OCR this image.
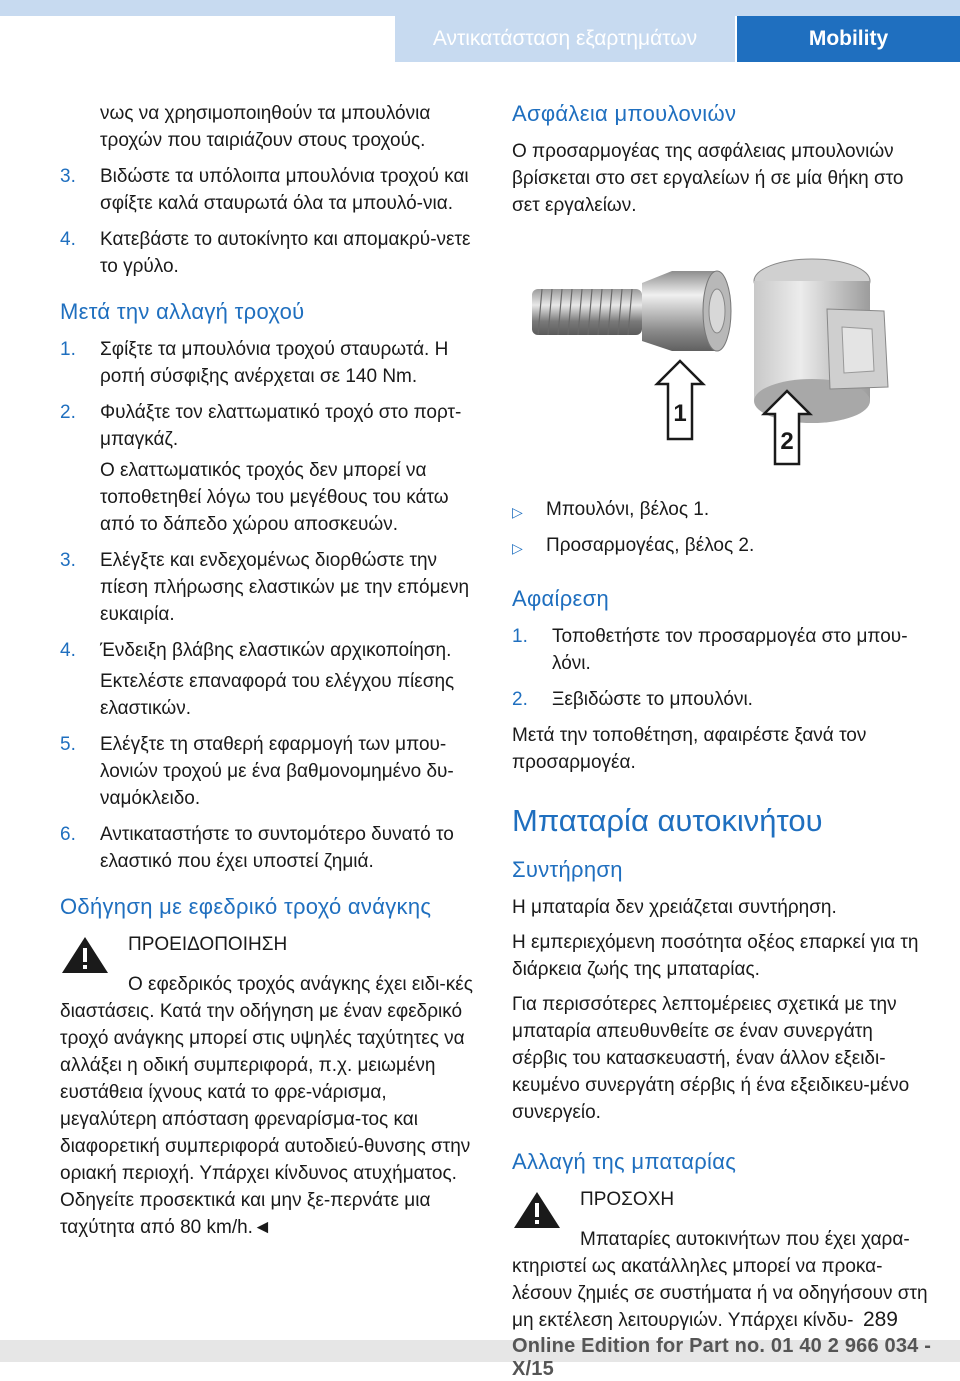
Αντικατάσταση εξαρτημάτων	Mobility

νως να χρησιμοποιηθούν τα μπουλόνια τροχών που ταιριάζουν στους τροχούς.

3. Βιδώστε τα υπόλοιπα μπουλόνια τροχού και σφίξτε καλά σταυρωτά όλα τα μπουλό-νια.
4. Κατεβάστε το αυτοκίνητο και απομακρύ-νετε το γρύλο.
Μετά την αλλαγή τροχού
1. Σφίξτε τα μπουλόνια τροχού σταυρωτά. Η ροπή σύσφιξης ανέρχεται σε 140 Nm.
2. Φυλάξτε τον ελαττωματικό τροχό στο πορτ-μπαγκάζ.

Ο ελαττωματικός τροχός δεν μπορεί να τοποθετηθεί λόγω του μεγέθους του κάτω από το δάπεδο χώρου αποσκευών.

3. Ελέγξτε και ενδεχομένως διορθώστε την πίεση πλήρωσης ελαστικών με την επόμενη ευκαιρία.
4. Ένδειξη βλάβης ελαστικών αρχικοποίηση.

Εκτελέστε επαναφορά του ελέγχου πίεσης ελαστικών.

5. Ελέγξτε τη σταθερή εφαρμογή των μπου-λονιών τροχού με ένα βαθμονομημένο δυ-ναμόκλειδο.
6. Αντικαταστήστε το συντομότερο δυνατό το ελαστικό που έχει υποστεί ζημιά.
Οδήγηση με εφεδρικό τροχό ανάγκης
ΠΡΟΕΙΔΟΠΟΙΗΣΗ

Ο εφεδρικός τροχός ανάγκης έχει ειδι-κές διαστάσεις. Κατά την οδήγηση με έναν εφεδρικό τροχό ανάγκης μπορεί στις υψηλές ταχύτητες να αλλάξει η οδική συμπεριφορά, π.χ. μειωμένη ευστάθεια ίχνους κατά το φρε-νάρισμα, μεγαλύτερη απόσταση φρεναρίσμα-τος και διαφορετική συμπεριφορά αυτοδιεύ-θυνσης στην οριακή περιοχή. Υπάρχει κίνδυνος ατυχήματος. Οδηγείτε προσεκτικά και μην ξε-περνάτε μια ταχύτητα από 80 km/h.◄

Ασφάλεια μπουλονιών

Ο προσαρμογέας της ασφάλειας μπουλονιών βρίσκεται στο σετ εργαλείων ή σε μία θήκη στο σετ εργαλείων.

1
2
▷ Μπουλόνι, βέλος 1.
▷ Προσαρμογέας, βέλος 2.
Αφαίρεση
1. Τοποθετήστε τον προσαρμογέα στο μπου-λόνι.
2. Ξεβιδώστε το μπουλόνι.

Μετά την τοποθέτηση, αφαιρέστε ξανά τον προσαρμογέα.

Μπαταρία αυτοκινήτου
Συντήρηση

Η μπαταρία δεν χρειάζεται συντήρηση.

Η εμπεριεχόμενη ποσότητα οξέος επαρκεί για τη διάρκεια ζωής της μπαταρίας.

Για περισσότερες λεπτομέρειες σχετικά με την μπαταρία απευθυνθείτε σε έναν συνεργάτη σέρβις του κατασκευαστή, έναν άλλον εξειδι-κευμένο συνεργάτη σέρβις ή ένα εξειδικευ-μένο συνεργείο.

Αλλαγή της μπαταρίας
ΠΡΟΣΟΧΗ

Μπαταρίες αυτοκινήτων που έχει χαρα-κτηριστεί ως ακατάλληλες μπορεί να προκα-λέσουν ζημιές σε συστήματα ή να οδηγήσουν στη μη εκτέλεση λειτουργιών. Υπάρχει κίνδυ- 289
Online Edition for Part no. 01 40 2 966 034 - X/15
